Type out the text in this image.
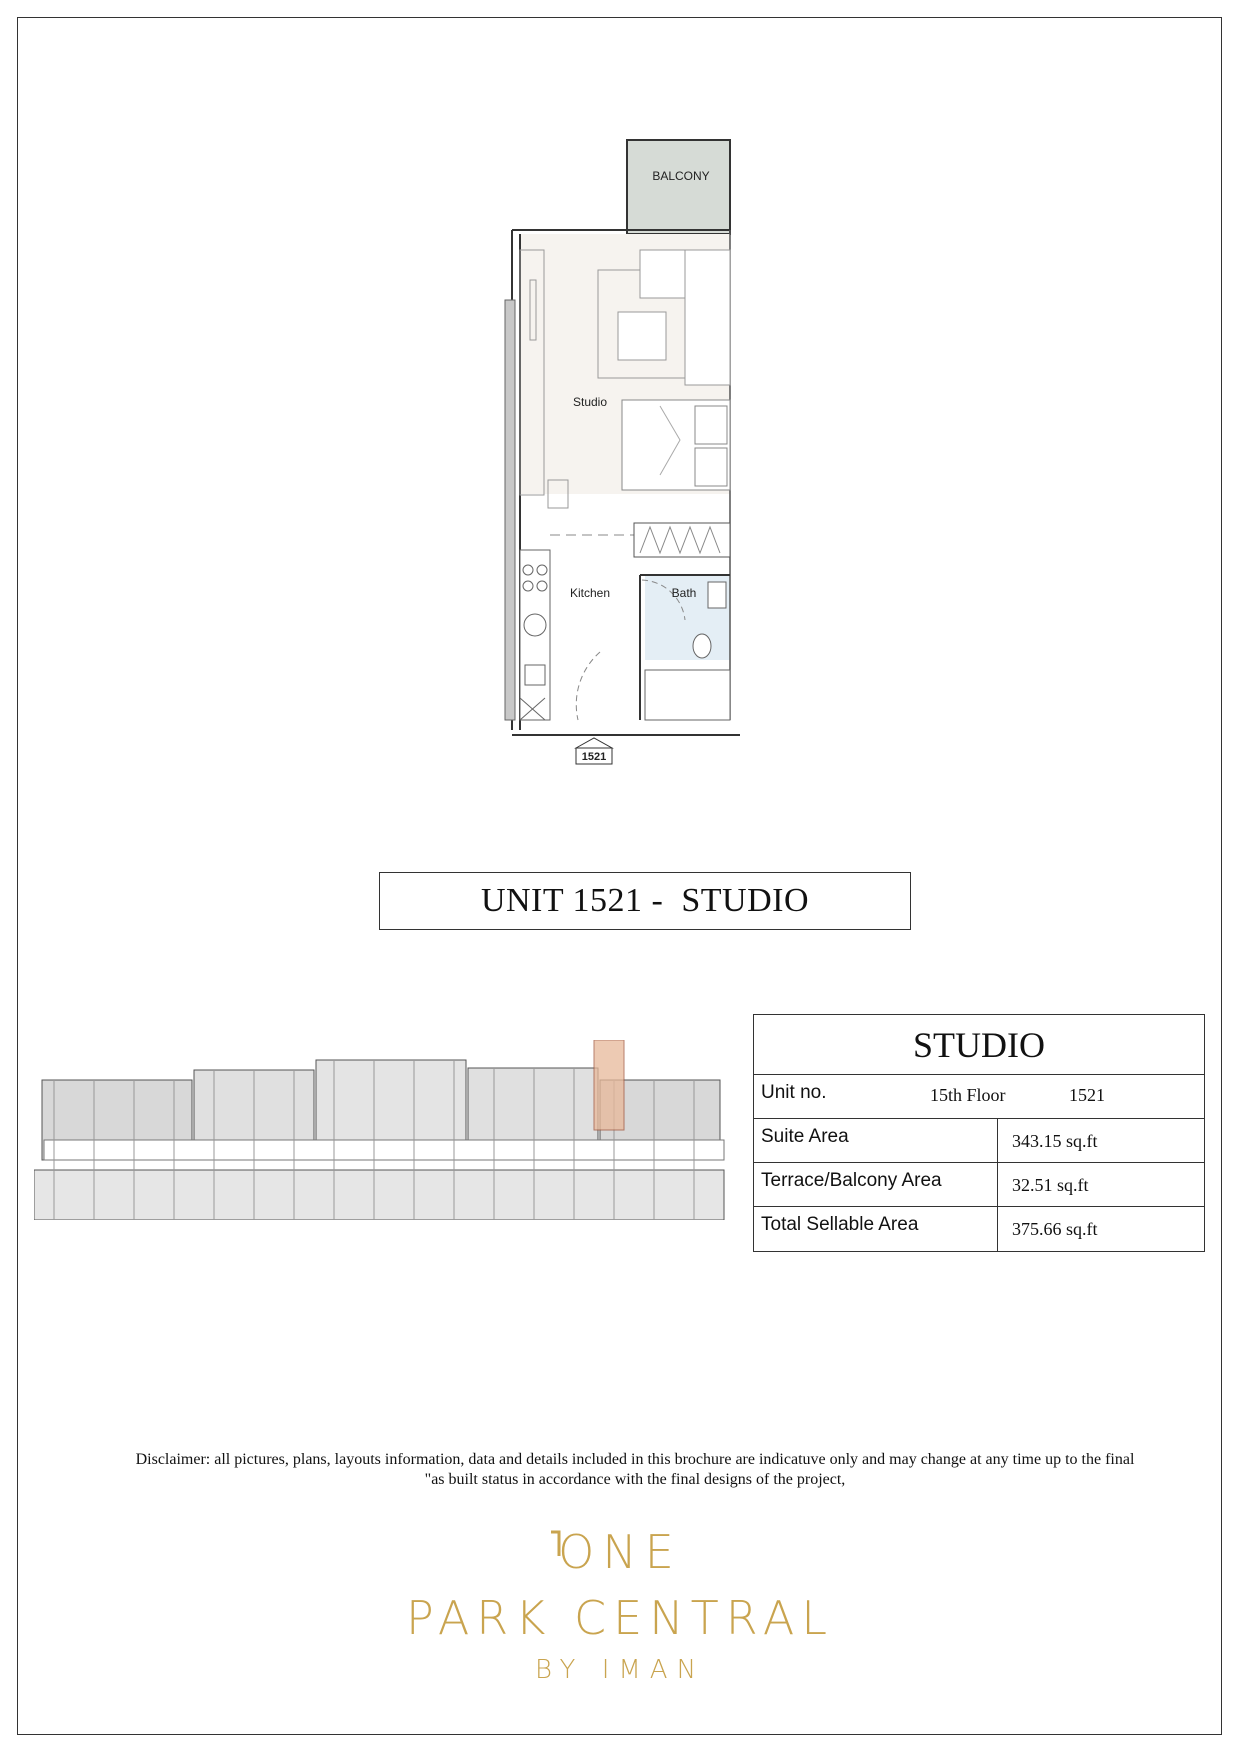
1521
BALCONY
Studio
Kitchen	Bath
UNIT 1521 -  STUDIO
STUDIO
Unit no.	15th Floor	1521
Suite Area	343.15 sq.ft
Terrace/Balcony Area	32.51 sq.ft
Total Sellable Area	375.66 sq.ft
Disclaimer: all pictures, plans, layouts information, data and details included in this brochure are indicatuve only and may change at any time up to the final
"as built status in accordance with the final designs of the project,
ONE
PARK CENTRAL
BY IMAN
